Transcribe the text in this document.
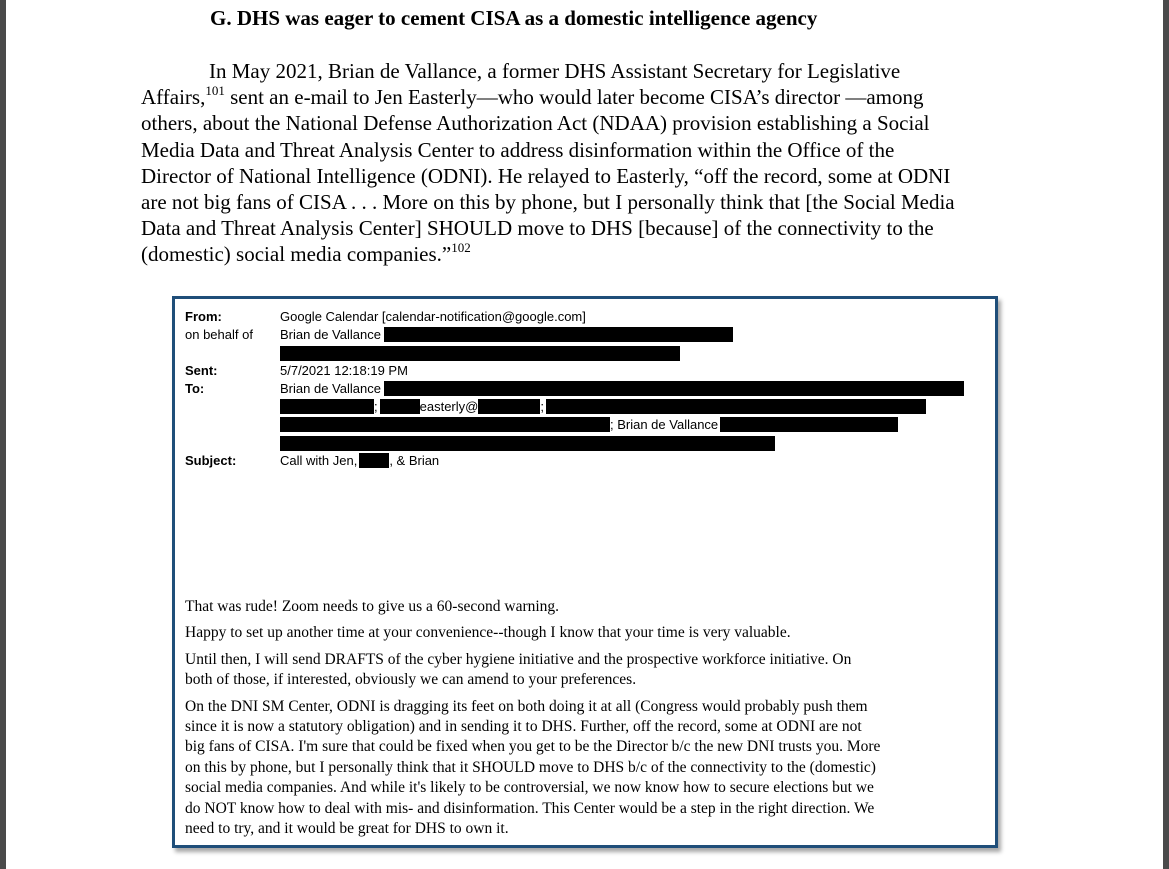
G. DHS was eager to cement CISA as a domestic intelligence agency
In May 2021, Brian de Vallance, a former DHS Assistant Secretary for Legislative
Affairs,$^{101}$ sent an e-mail to Jen Easterly—who would later become CISA’s director —among
others, about the National Defense Authorization Act (NDAA) provision establishing a Social
Media Data and Threat Analysis Center to address disinformation within the Office of the
Director of National Intelligence (ODNI). He relayed to Easterly, “off the record, some at ODNI
are not big fans of CISA . . . More on this by phone, but I personally think that [the Social Media
Data and Threat Analysis Center] SHOULD move to DHS [because] of the connectivity to the
(domestic) social media companies.”$^{102}$
From:	Google Calendar [calendar-notification@google.com]
on behalf of Brian de Vallance
Sent:	5/7/2021 12:18:19 PM
To:	Brian de Vallance
;	easterly@	;
; Brian de Vallance
Subject:	Call with Jen, , & Brian

That was rude! Zoom needs to give us a 60-second warning.

Happy to set up another time at your convenience--though I know that your time is very valuable.

Until then, I will send DRAFTS of the cyber hygiene initiative and the prospective workforce initiative. On
both of those, if interested, obviously we can amend to your preferences.

On the DNI SM Center, ODNI is dragging its feet on both doing it at all (Congress would probably push them
since it is now a statutory obligation) and in sending it to DHS. Further, off the record, some at ODNI are not
big fans of CISA. I'm sure that could be fixed when you get to be the Director b/c the new DNI trusts you. More
on this by phone, but I personally think that it SHOULD move to DHS b/c of the connectivity to the (domestic)
social media companies. And while it's likely to be controversial, we now know how to secure elections but we
do NOT know how to deal with mis- and disinformation. This Center would be a step in the right direction. We
need to try, and it would be great for DHS to own it.
